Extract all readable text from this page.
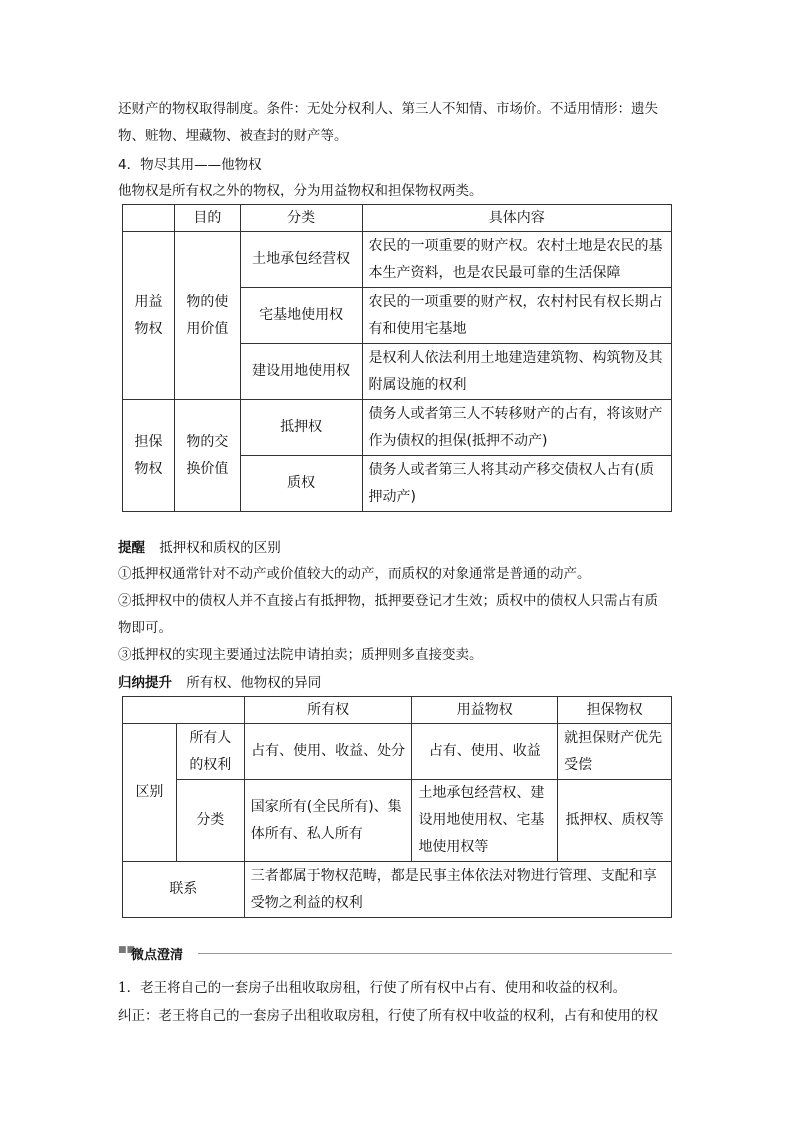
还财产的物权取得制度。条件：无处分权利人、第三人不知情、市场价。不适用情形：遗失
物、赃物、埋藏物、被查封的财产等。
4．物尽其用——他物权
他物权是所有权之外的物权，分为用益物权和担保物权两类。
	目的	分类	具体内容
用益
物权	物的使
用价值	土地承包经营权	农民的一项重要的财产权。农村土地是农民的基
本生产资料，也是农民最可靠的生活保障
		宅基地使用权	农民的一项重要的财产权，农村村民有权长期占
有和使用宅基地
		建设用地使用权	是权利人依法利用土地建造建筑物、构筑物及其
附属设施的权利
担保
物权	物的交
换价值	抵押权	债务人或者第三人不转移财产的占有，将该财产
作为债权的担保(抵押不动产)
		质权	债务人或者第三人将其动产移交债权人占有(质
押动产)
提醒 抵押权和质权的区别
①抵押权通常针对不动产或价值较大的动产，而质权的对象通常是普通的动产。
②抵押权中的债权人并不直接占有抵押物，抵押要登记才生效；质权中的债权人只需占有质
物即可。
③抵押权的实现主要通过法院申请拍卖；质押则多直接变卖。
归纳提升 所有权、他物权的异同
		所有权	用益物权	担保物权
区别	所有人
的权利	占有、使用、收益、处分	占有、使用、收益	就担保财产优先
受偿
	分类	国家所有(全民所有)、集
体所有、私人所有	土地承包经营权、建
设用地使用权、宅基
地使用权等	抵押权、质权等
联系		三者都属于物权范畴，都是民事主体依法对物进行管理、支配和享
受物之利益的权利		
■■
微点澄清
1．老王将自己的一套房子出租收取房租，行使了所有权中占有、使用和收益的权利。
纠正：老王将自己的一套房子出租收取房租，行使了所有权中收益的权利，占有和使用的权
